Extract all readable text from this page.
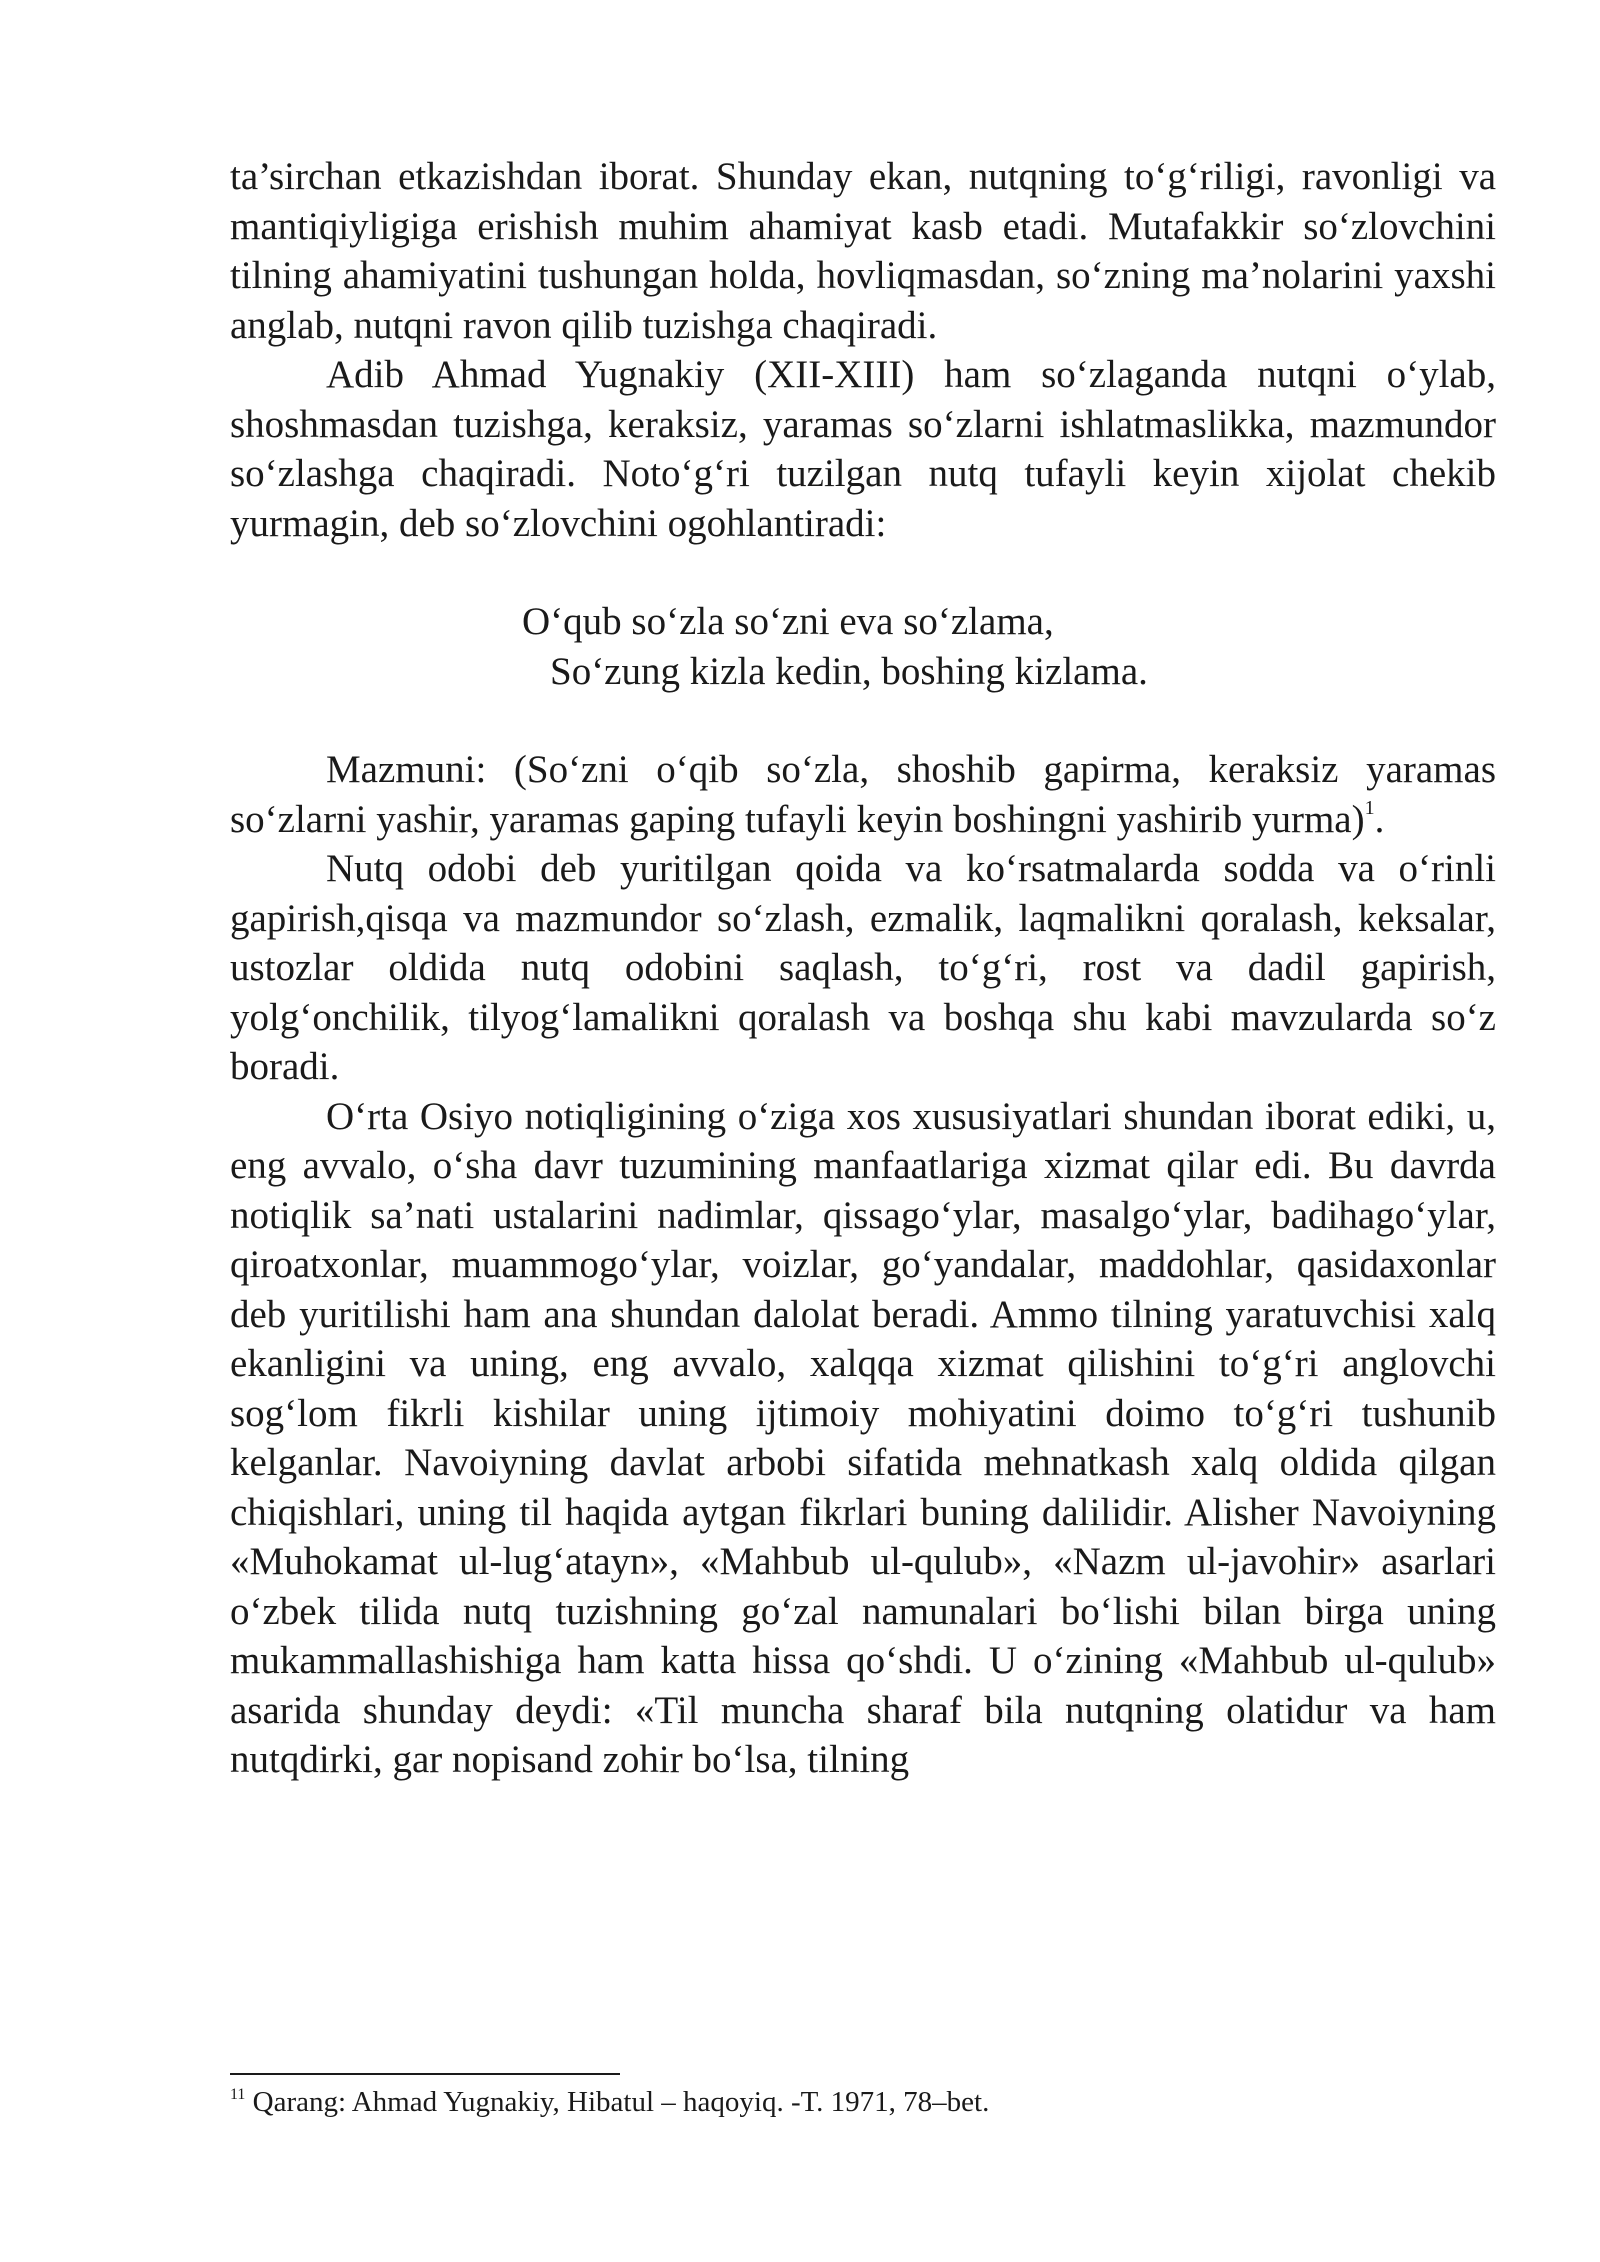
ta’sirchan etkazishdan iborat. Shunday ekan, nutqning to‘g‘riligi, ravonligi va mantiqiyligiga erishish muhim ahamiyat kasb etadi. Mutafakkir so‘zlovchini tilning ahamiyatini tushungan holda, hovliqmasdan, so‘zning ma’nolarini yaxshi anglab, nutqni ravon qilib tuzishga chaqiradi.

Adib Ahmad Yugnakiy (XII-XIII) ham so‘zlaganda nutqni o‘ylab, shoshmasdan tuzishga, keraksiz, yaramas so‘zlarni ishlatmaslikka, mazmundor so‘zlashga chaqiradi. Noto‘g‘ri tuzilgan nutq tufayli keyin xijolat chekib yurmagin, deb so‘zlovchini ogohlantiradi:

O‘qub so‘zla so‘zni eva so‘zlama,
So‘zung kizla kedin, boshing kizlama.

Mazmuni: (So‘zni o‘qib so‘zla, shoshib gapirma, keraksiz yaramas so‘zlarni yashir, yaramas gaping tufayli keyin boshingni yashirib yurma)$^1$.

Nutq odobi deb yuritilgan qoida va ko‘rsatmalarda sodda va o‘rinli gapirish,qisqa va mazmundor so‘zlash, ezmalik, laqmalikni qoralash, keksalar, ustozlar oldida nutq odobini saqlash, to‘g‘ri, rost va dadil gapirish, yolg‘onchilik, tilyog‘lamalikni qoralash va boshqa shu kabi mavzularda so‘z boradi.

O‘rta Osiyo notiqligining o‘ziga xos xususiyatlari shundan iborat ediki, u, eng avvalo, o‘sha davr tuzumining manfaatlariga xizmat qilar edi. Bu davrda notiqlik sa’nati ustalarini nadimlar, qissago‘ylar, masalgo‘ylar, badihago‘ylar, qiroatxonlar, muammogo‘ylar, voizlar, go‘yandalar, maddohlar, qasidaxonlar deb yuritilishi ham ana shundan dalolat beradi. Ammo tilning yaratuvchisi xalq ekanligini va uning, eng avvalo, xalqqa xizmat qilishini to‘g‘ri anglovchi sog‘lom fikrli kishilar uning ijtimoiy mohiyatini doimo to‘g‘ri tushunib kelganlar. Navoiyning davlat arbobi sifatida mehnatkash xalq oldida qilgan chiqishlari, uning til haqida aytgan fikrlari buning dalilidir. Alisher Navoiyning «Muhokamat ul-lug‘atayn», «Mahbub ul-qulub», «Nazm ul-javohir» asarlari o‘zbek tilida nutq tuzishning go‘zal namunalari bo‘lishi bilan birga uning mukammallashishiga ham katta hissa qo‘shdi. U o‘zining «Mahbub ul-qulub» asarida shunday deydi: «Til muncha sharaf bila nutqning olatidur va ham nutqdirki, gar nopisand zohir bo‘lsa, tilning

$^{11}$ Qarang: Ahmad Yugnakiy, Hibatul – haqoyiq. -T. 1971, 78–bet.
